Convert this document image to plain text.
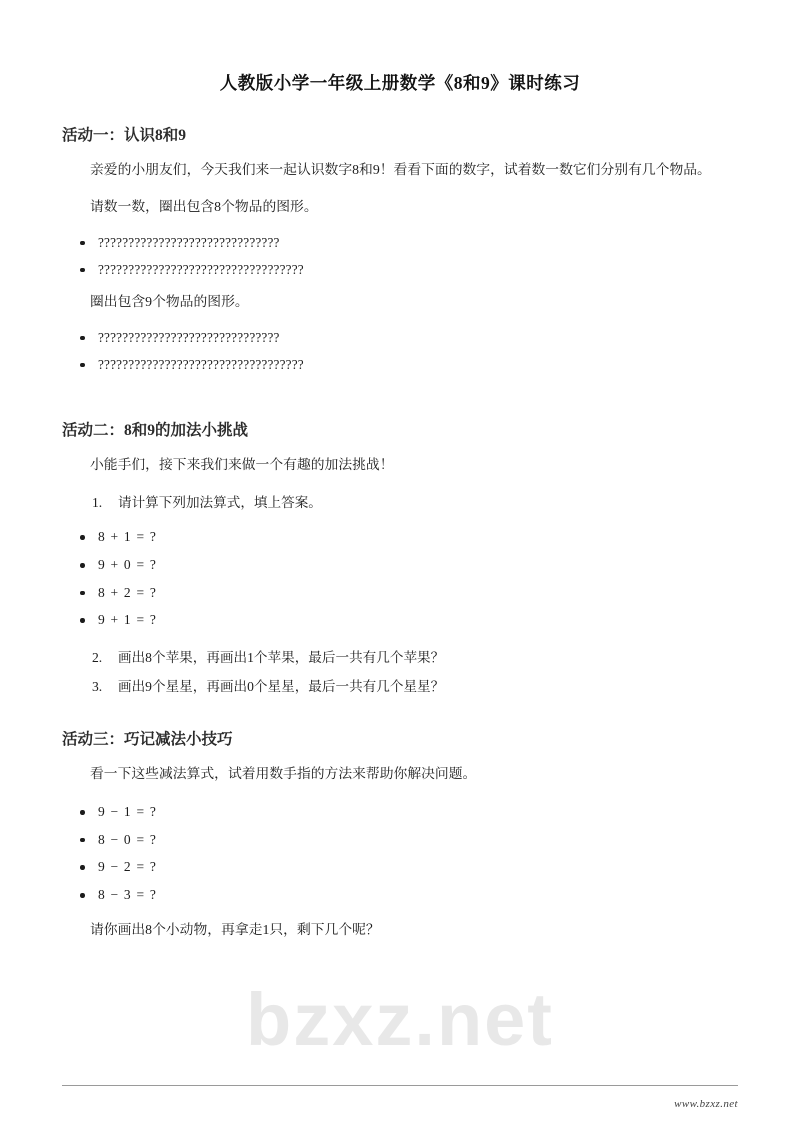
bzxz.net
人教版小学一年级上册数学《8和9》课时练习
活动一：认识8和9

亲爱的小朋友们，今天我们来一起认识数字8和9！看看下面的数字，试着数一数它们分别有几个物品。

请数一数，圈出包含8个物品的图形。

??????????????????????????????
??????????????????????????????????

圈出包含9个物品的图形。

??????????????????????????????
??????????????????????????????????
活动二：8和9的加法小挑战

小能手们，接下来我们来做一个有趣的加法挑战！

1. 请计算下列加法算式，填上答案。
8 + 1 = ?
9 + 0 = ?
8 + 2 = ?
9 + 1 = ?
2. 画出8个苹果，再画出1个苹果，最后一共有几个苹果？
3. 画出9个星星，再画出0个星星，最后一共有几个星星？
活动三：巧记减法小技巧

看一下这些减法算式，试着用数手指的方法来帮助你解决问题。

9 − 1 = ?
8 − 0 = ?
9 − 2 = ?
8 − 3 = ?

请你画出8个小动物，再拿走1只，剩下几个呢？

www.bzxz.net
